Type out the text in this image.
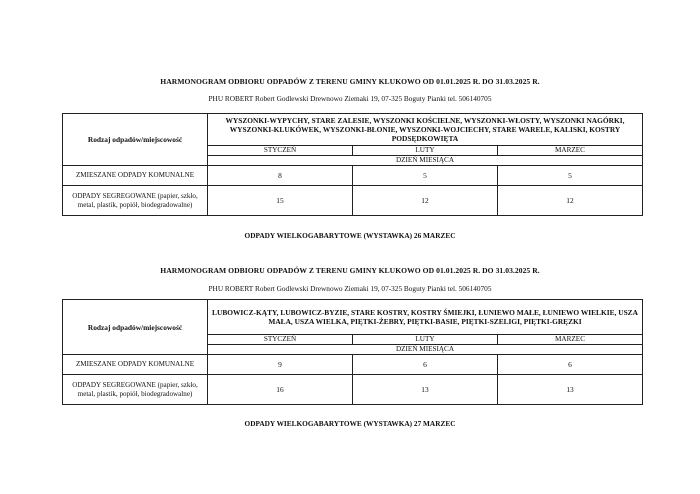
HARMONOGRAM ODBIORU ODPADÓW Z TERENU GMINY KLUKOWO OD 01.01.2025 R. DO 31.03.2025 R.
PHU ROBERT Robert Godlewski Drewnowo Ziemaki 19, 07-325 Boguty Pianki tel. 506140705
Rodzaj odpadów/miejscowość	WYSZONKI-WYPYCHY, STARE ZALESIE, WYSZONKI KOŚCIELNE, WYSZONKI-WŁOSTY, WYSZONKI NAGÓRKI, WYSZONKI-KLUKÓWEK, WYSZONKI-BŁONIE, WYSZONKI-WOJCIECHY, STARE WARELE, KALISKI, KOSTRY PODSĘDKOWIĘTA		
	STYCZEŃ	LUTY	MARZEC
	DZIEŃ MIESIĄCA		
ZMIESZANE ODPADY KOMUNALNE	8	5	5
ODPADY SEGREGOWANE (papier, szkło, metal, plastik, popiół, biodegradowalne)	15	12	12
ODPADY WIELKOGABARYTOWE (WYSTAWKA) 26 MARZEC
HARMONOGRAM ODBIORU ODPADÓW Z TERENU GMINY KLUKOWO OD 01.01.2025 R. DO 31.03.2025 R.
PHU ROBERT Robert Godlewski Drewnowo Ziemaki 19, 07-325 Boguty Pianki tel. 506140705
Rodzaj odpadów/miejscowość	LUBOWICZ-KĄTY, LUBOWICZ-BYZIE, STARE KOSTRY, KOSTRY ŚMIEJKI, ŁUNIEWO MAŁE, ŁUNIEWO WIELKIE, USZA MAŁA, USZA WIELKA, PIĘTKI-ŻEBRY, PIĘTKI-BASIE, PIĘTKI-SZELIGI, PIĘTKI-GRĘZKI		
	STYCZEŃ	LUTY	MARZEC
	DZIEŃ MIESIĄCA		
ZMIESZANE ODPADY KOMUNALNE	9	6	6
ODPADY SEGREGOWANE (papier, szkło, metal, plastik, popiół, biodegradowalne)	16	13	13
ODPADY WIELKOGABARYTOWE (WYSTAWKA) 27 MARZEC
